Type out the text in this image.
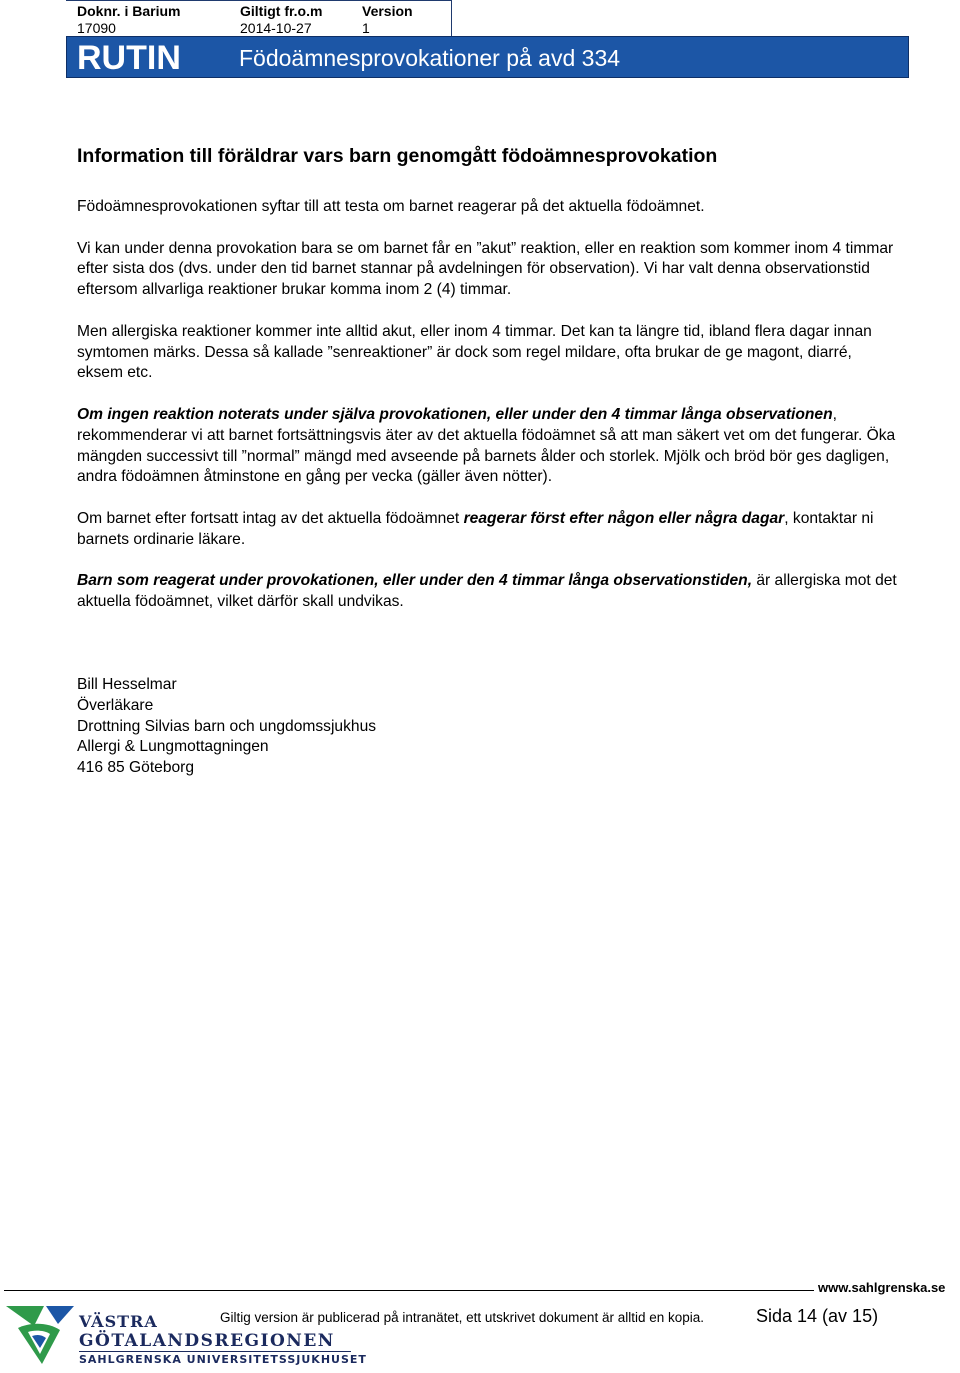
Doknr. i Barium
17090
Giltigt fr.o.m
2014-10-27
Version
1
RUTIN	Födoämnesprovokationer på avd 334
Information till föräldrar vars barn genomgått födoämnesprovokation

Födoämnesprovokationen syftar till att testa om barnet reagerar på det aktuella födoämnet.

Vi kan under denna provokation bara se om barnet får en ”akut” reaktion, eller en reaktion som kommer inom 4 timmar efter sista dos (dvs. under den tid barnet stannar på avdelningen för observation). Vi har valt denna observationstid eftersom allvarliga reaktioner brukar komma inom 2 (4) timmar.

Men allergiska reaktioner kommer inte alltid akut, eller inom 4 timmar. Det kan ta längre tid, ibland flera dagar innan symtomen märks. Dessa så kallade ”senreaktioner” är dock som regel mildare, ofta brukar de ge magont, diarré, eksem etc.

Om ingen reaktion noterats under själva provokationen, eller under den 4 timmar långa observationen, rekommenderar vi att barnet fortsättningsvis äter av det aktuella födoämnet så att man säkert vet om det fungerar. Öka mängden successivt till ”normal” mängd med avseende på barnets ålder och storlek. Mjölk och bröd bör ges dagligen, andra födoämnen åtminstone en gång per vecka (gäller även nötter).

Om barnet efter fortsatt intag av det aktuella födoämnet reagerar först efter någon eller några dagar, kontaktar ni barnets ordinarie läkare.

Barn som reagerat under provokationen, eller under den 4 timmar långa observationstiden, är allergiska mot det aktuella födoämnet, vilket därför skall undvikas.

Bill Hesselmar
Överläkare
Drottning Silvias barn och ungdomssjukhus
Allergi & Lungmottagningen
416 85 Göteborg
www.sahlgrenska.se
Giltig version är publicerad på intranätet, ett utskrivet dokument är alltid en kopia.	Sida 14 (av 15)
VÄSTRA
GÖTALANDSREGIONEN
SAHLGRENSKA UNIVERSITETSSJUKHUSET
